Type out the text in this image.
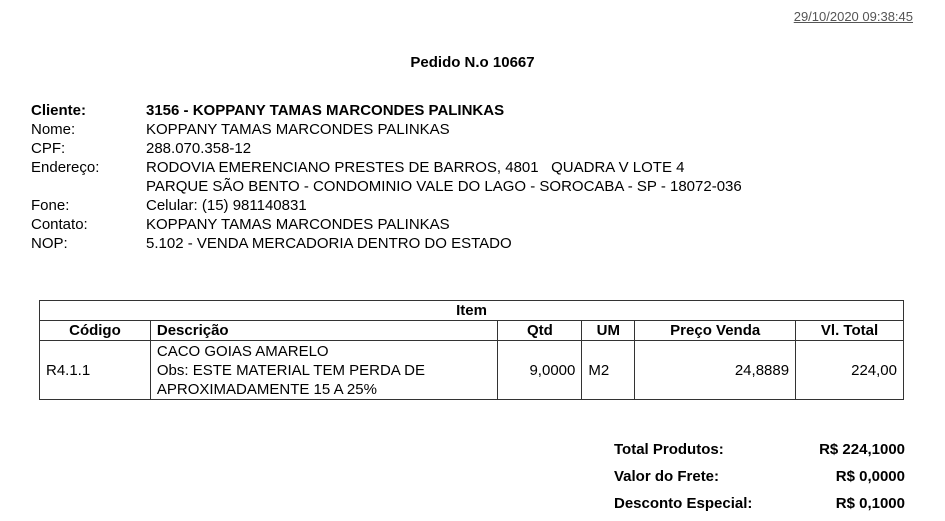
29/10/2020 09:38:45
Pedido N.o 10667
Cliente:	3156 - KOPPANY TAMAS MARCONDES PALINKAS
Nome:	KOPPANY TAMAS MARCONDES PALINKAS
CPF:	288.070.358-12
Endereço:	RODOVIA EMERENCIANO PRESTES DE BARROS, 4801   QUADRA V LOTE 4
PARQUE SÃO BENTO - CONDOMINIO VALE DO LAGO - SOROCABA - SP - 18072-036
Fone:	Celular: (15) 981140831
Contato:	KOPPANY TAMAS MARCONDES PALINKAS
NOP:	5.102 - VENDA MERCADORIA DENTRO DO ESTADO
Item					
Código	Descrição	Qtd	UM	Preço Venda	Vl. Total
R4.1.1	CACO GOIAS AMARELO
Obs: ESTE MATERIAL TEM PERDA DE
APROXIMADAMENTE 15 A 25%	9,0000	M2	24,8889	224,00
Total Produtos:	R$ 224,1000
Valor do Frete:	R$ 0,0000
Desconto Especial:	R$ 0,1000
